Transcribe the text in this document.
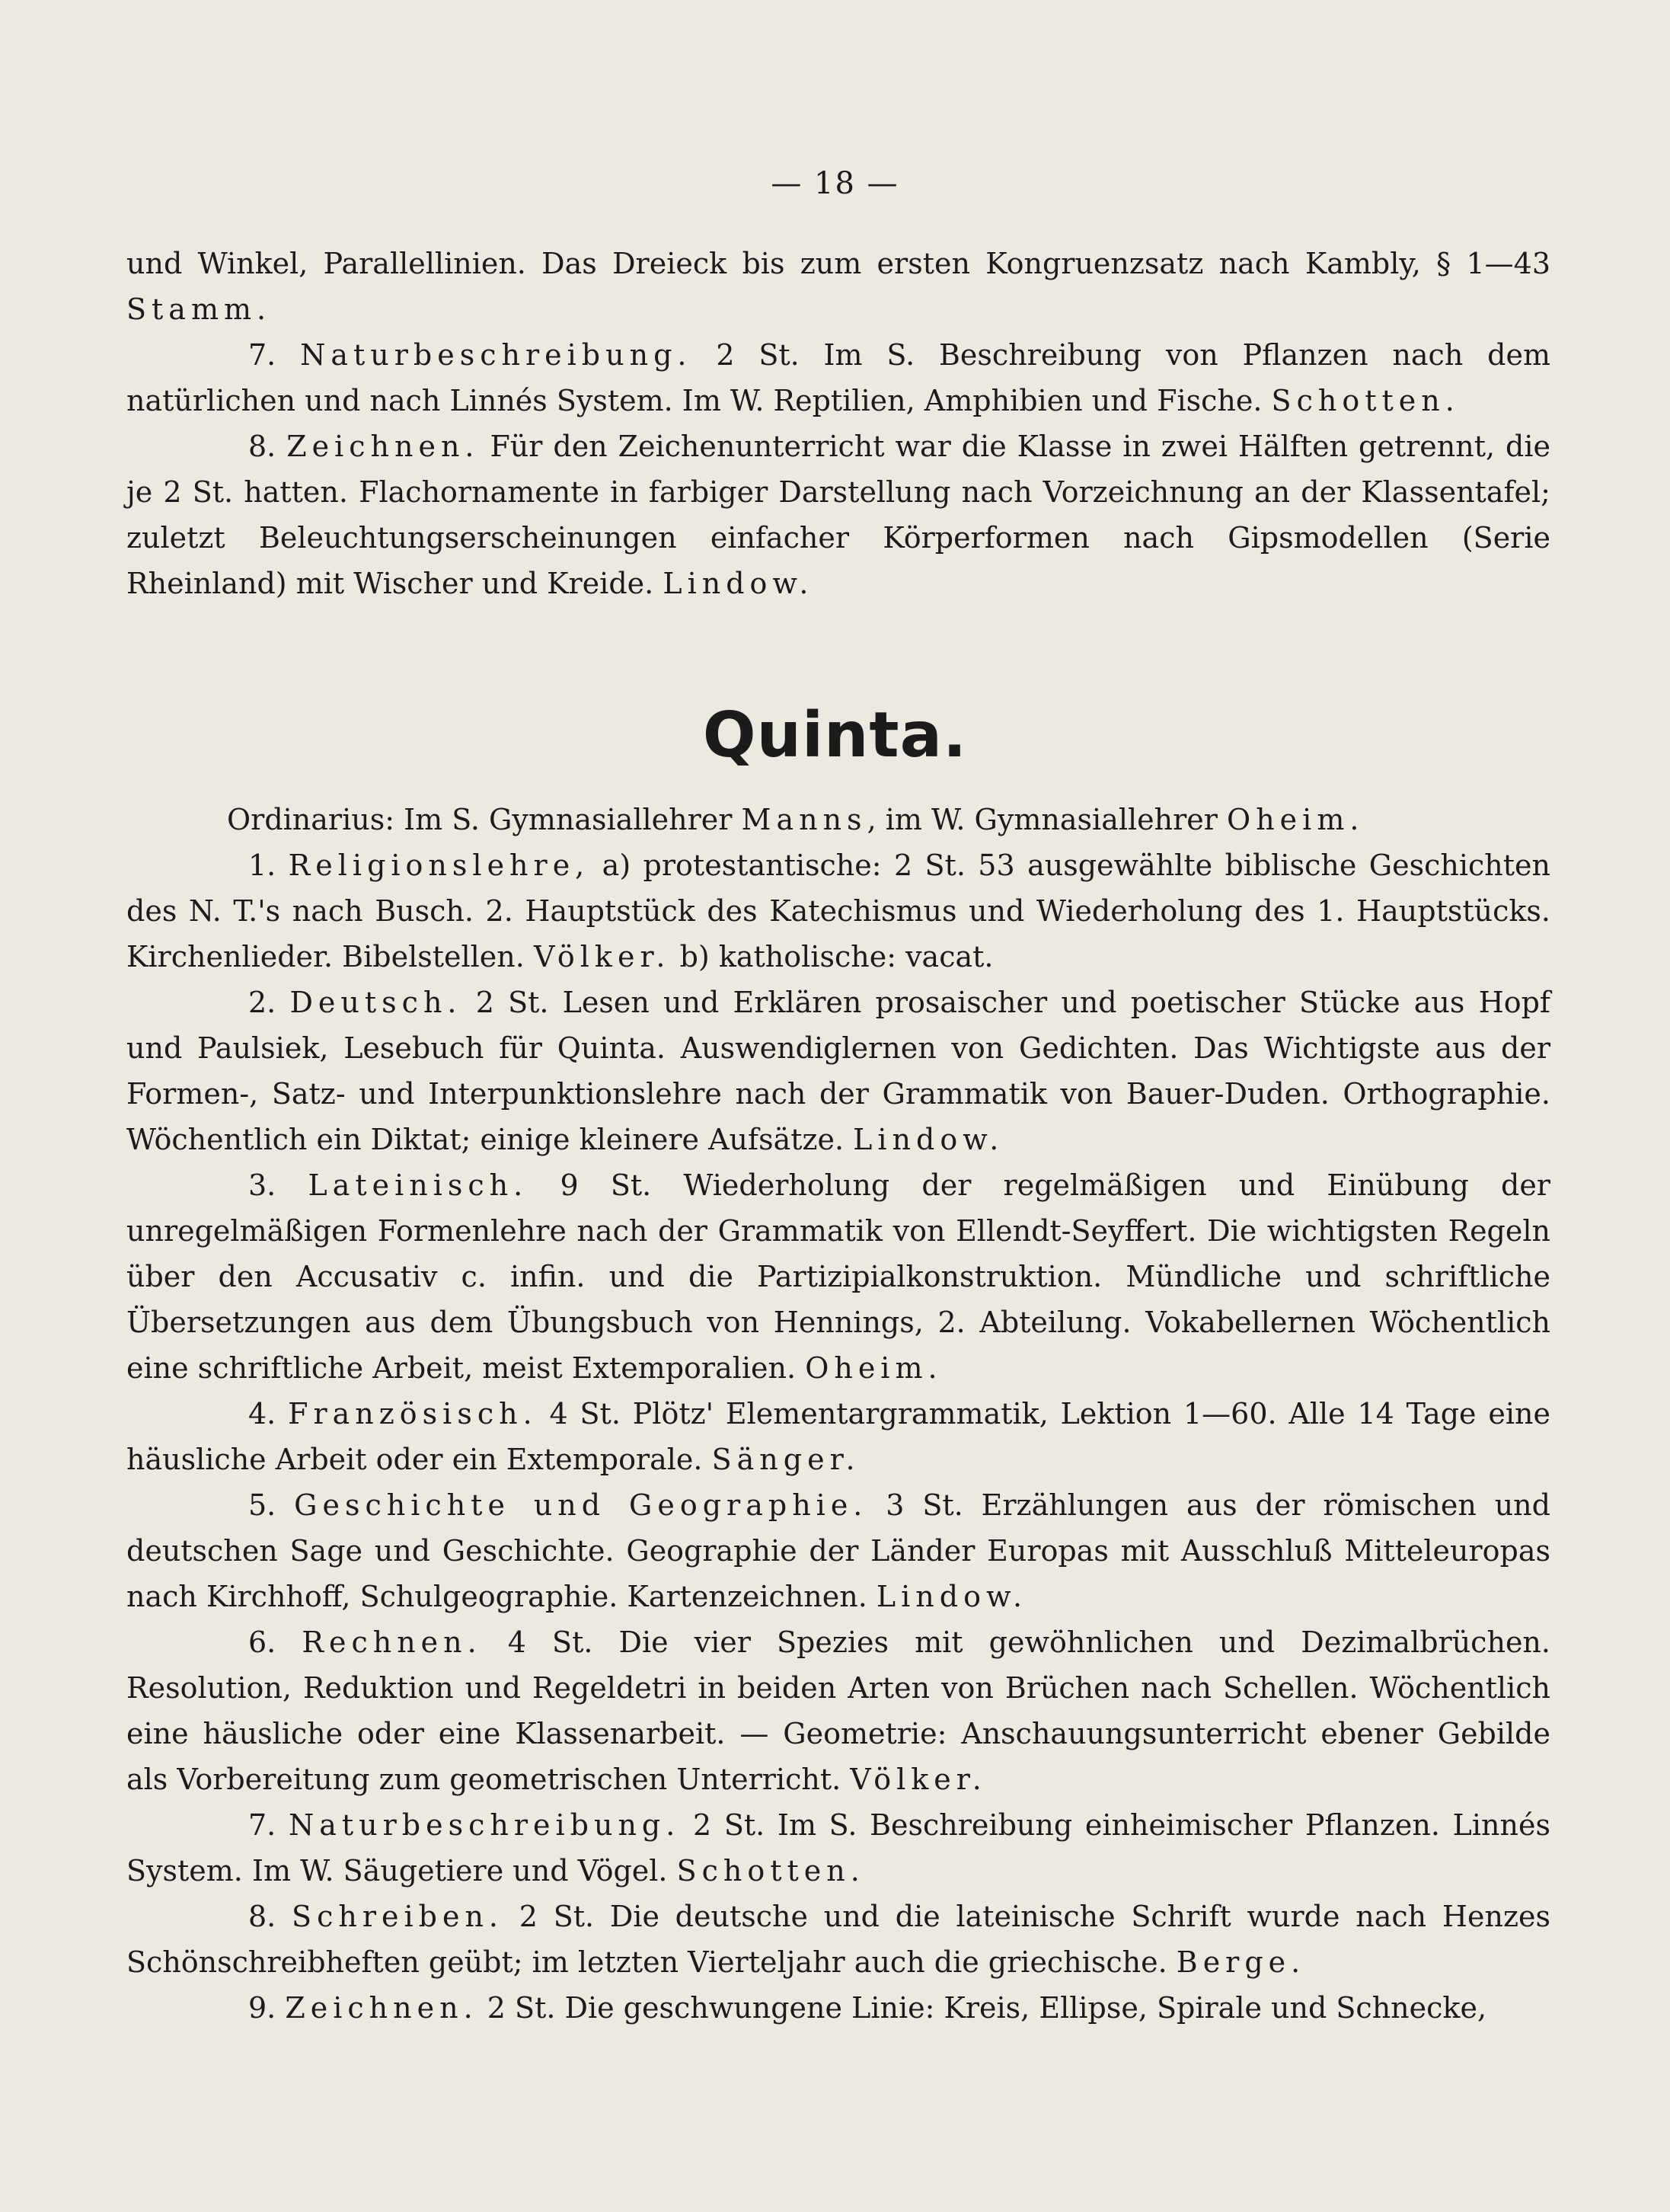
— 18 —

und Winkel, Parallellinien. Das Dreieck bis zum ersten Kongruenzsatz nach Kambly, § 1—43 Stamm.

7. Naturbeschreibung. 2 St. Im S. Beschreibung von Pflanzen nach dem natürlichen und nach Linnés System. Im W. Reptilien, Amphibien und Fische. Schotten.

8. Zeichnen. Für den Zeichenunterricht war die Klasse in zwei Hälften getrennt, die je 2 St. hatten. Flachornamente in farbiger Darstellung nach Vorzeichnung an der Klassentafel; zuletzt Beleuchtungserscheinungen einfacher Körperformen nach Gipsmodellen (Serie Rheinland) mit Wischer und Kreide. Lindow.

Quinta.

Ordinarius: Im S. Gymnasiallehrer Manns, im W. Gymnasiallehrer Oheim.

1. Religionslehre, a) protestantische: 2 St. 53 ausgewählte biblische Geschichten des N. T.'s nach Busch. 2. Hauptstück des Katechismus und Wiederholung des 1. Hauptstücks. Kirchenlieder. Bibelstellen. Völker. b) katholische: vacat.

2. Deutsch. 2 St. Lesen und Erklären prosaischer und poetischer Stücke aus Hopf und Paulsiek, Lesebuch für Quinta. Auswendiglernen von Gedichten. Das Wichtigste aus der Formen-, Satz- und Interpunktionslehre nach der Grammatik von Bauer-Duden. Orthographie. Wöchentlich ein Diktat; einige kleinere Aufsätze. Lindow.

3. Lateinisch. 9 St. Wiederholung der regelmäßigen und Einübung der unregelmäßigen Formenlehre nach der Grammatik von Ellendt-Seyffert. Die wichtigsten Regeln über den Accusativ c. infin. und die Partizipialkonstruktion. Mündliche und schriftliche Übersetzungen aus dem Übungsbuch von Hennings, 2. Abteilung. Vokabellernen Wöchentlich eine schriftliche Arbeit, meist Extemporalien. Oheim.

4. Französisch. 4 St. Plötz' Elementargrammatik, Lektion 1—60. Alle 14 Tage eine häusliche Arbeit oder ein Extemporale. Sänger.

5. Geschichte und Geographie. 3 St. Erzählungen aus der römischen und deutschen Sage und Geschichte. Geographie der Länder Europas mit Ausschluß Mitteleuropas nach Kirchhoff, Schulgeographie. Kartenzeichnen. Lindow.

6. Rechnen. 4 St. Die vier Spezies mit gewöhnlichen und Dezimalbrüchen. Resolution, Reduktion und Regeldetri in beiden Arten von Brüchen nach Schellen. Wöchentlich eine häusliche oder eine Klassenarbeit. — Geometrie: Anschauungsunterricht ebener Gebilde als Vorbereitung zum geometrischen Unterricht. Völker.

7. Naturbeschreibung. 2 St. Im S. Beschreibung einheimischer Pflanzen. Linnés System. Im W. Säugetiere und Vögel. Schotten.

8. Schreiben. 2 St. Die deutsche und die lateinische Schrift wurde nach Henzes Schönschreibheften geübt; im letzten Vierteljahr auch die griechische. Berge.

9. Zeichnen. 2 St. Die geschwungene Linie: Kreis, Ellipse, Spirale und Schnecke,
